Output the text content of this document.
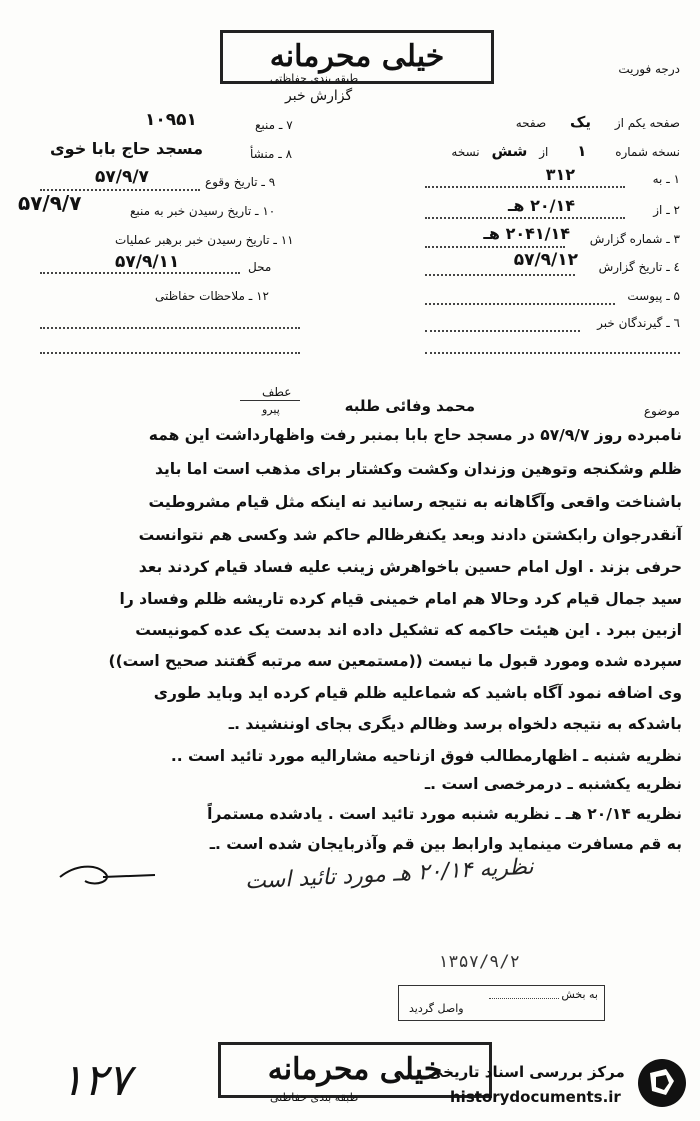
خیلی محرمانه
طبقه بندی حفاظتی
گزارش خبر
درجه فوریت
صفحه یکم از یک صفحه
نسخه شماره ۱ از شش نسخه
۱ ـ به
۳۱۲
۲ ـ از
۲۰/۱۴ هـ
۳ ـ شماره گزارش
۲۰۴۱/۱۴ هـ
٤ ـ تاریخ گزارش
۵۷/۹/۱۲
۵ ـ پیوست
٦ ـ گیرندگان خبر
۷ ـ منبع
۱۰۹۵۱
۸ ـ منشأ
مسجد حاج بابا خوی
۹ ـ تاریخ وقوع
۵۷/۹/۷
۱۰ ـ تاریخ رسیدن خبر به منبع
۵۷/۹/۷
۱۱ ـ تاریخ رسیدن خبر برهبر عملیات
محل
۵۷/۹/۱۱
۱۲ ـ ملاحظات حفاظتی
عطف
پیرو	موضوع
محمد وفائی طلبه
نامبرده روز ۵۷/۹/۷ در مسجد حاج بابا بمنبر رفت واظهارداشت این همه
ظلم وشکنجه وتوهین وزندان وکشت وکشتار برای مذهب است اما باید
باشناخت واقعی وآگاهانه به نتیجه رسانید نه اینکه مثل قیام مشروطیت
آنقدرجوان رابکشتن دادند وبعد یکنفرظالم حاکم شد وکسی هم نتوانست
حرفی بزند . اول امام حسین باخواهرش زینب علیه فساد قیام کردند بعد
سید جمال قیام کرد وحالا هم امام خمینی قیام کرده تاریشه ظلم وفساد را
ازبین ببرد . این هیئت حاکمه که تشکیل داده اند بدست یک عده کمونیست
سپرده شده ومورد قبول ما نیست ((مستمعین سه مرتبه گفتند صحیح است))
وی اضافه نمود آگاه باشید که شماعلیه ظلم قیام کرده اید وباید طوری
باشدکه به نتیجه دلخواه برسد وظالم دیگری بجای اوننشیند .ـ
نظریه شنبه ـ اظهارمطالب فوق ازناحیه مشارالیه مورد تائید است ..
نظریه یکشنبه ـ درمرخصی است .ـ
نظریه ۲۰/۱۴ هـ ـ نظریه شنبه مورد تائید است . یادشده مستمراً
به قم مسافرت مینماید وارابط بین قم وآذربایجان شده است .ـ
نظریه ۲۰/۱۴ هـ مورد تائید است
۱۳۵۷/۹/۲
به بخش
واصل گردید
۱۲۷	خیلی محرمانه
طبقه بندی حفاظتی
مرکز بررسی اسناد تاریخی
historydocuments.ir
